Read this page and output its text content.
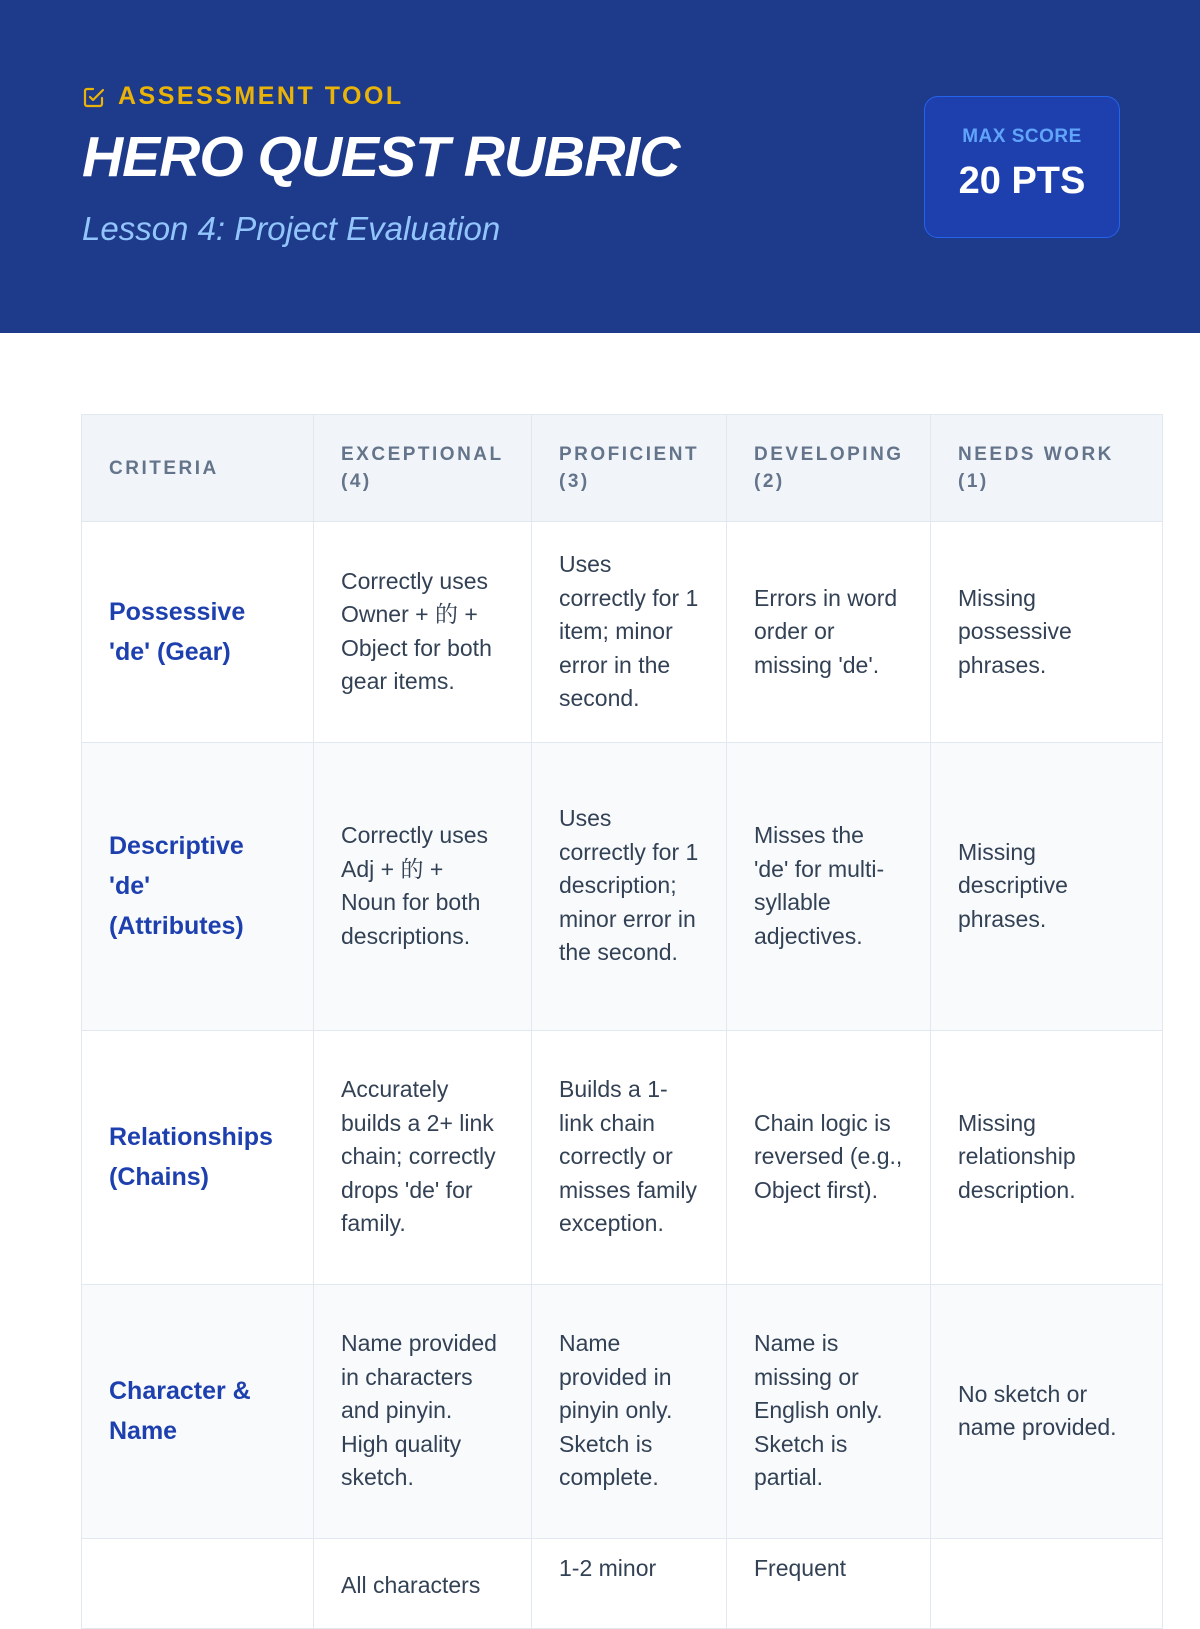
ASSESSMENT TOOL
HERO QUEST RUBRIC
Lesson 4: Project Evaluation
MAX SCORE
20 PTS
CRITERIA	EXCEPTIONAL (4)	PROFICIENT (3)	DEVELOPING (2)	NEEDS WORK (1)
Possessive 'de' (Gear)	Correctly uses Owner + 的 + Object for both gear items.	Uses correctly for 1 item; minor error in the second.	Errors in word order or missing 'de'.	Missing possessive phrases.
Descriptive 'de' (Attributes)	Correctly uses Adj + 的 + Noun for both descriptions.	Uses correctly for 1 description; minor error in the second.	Misses the 'de' for multi-syllable adjectives.	Missing descriptive phrases.
Relationships (Chains)	Accurately builds a 2+ link chain; correctly drops 'de' for family.	Builds a 1-link chain correctly or misses family exception.	Chain logic is reversed (e.g., Object first).	Missing relationship description.
Character & Name	Name provided in characters and pinyin. High quality sketch.	Name provided in pinyin only. Sketch is complete.	Name is missing or English only. Sketch is partial.	No sketch or name provided.
	All characters	1-2 minor	Frequent	
